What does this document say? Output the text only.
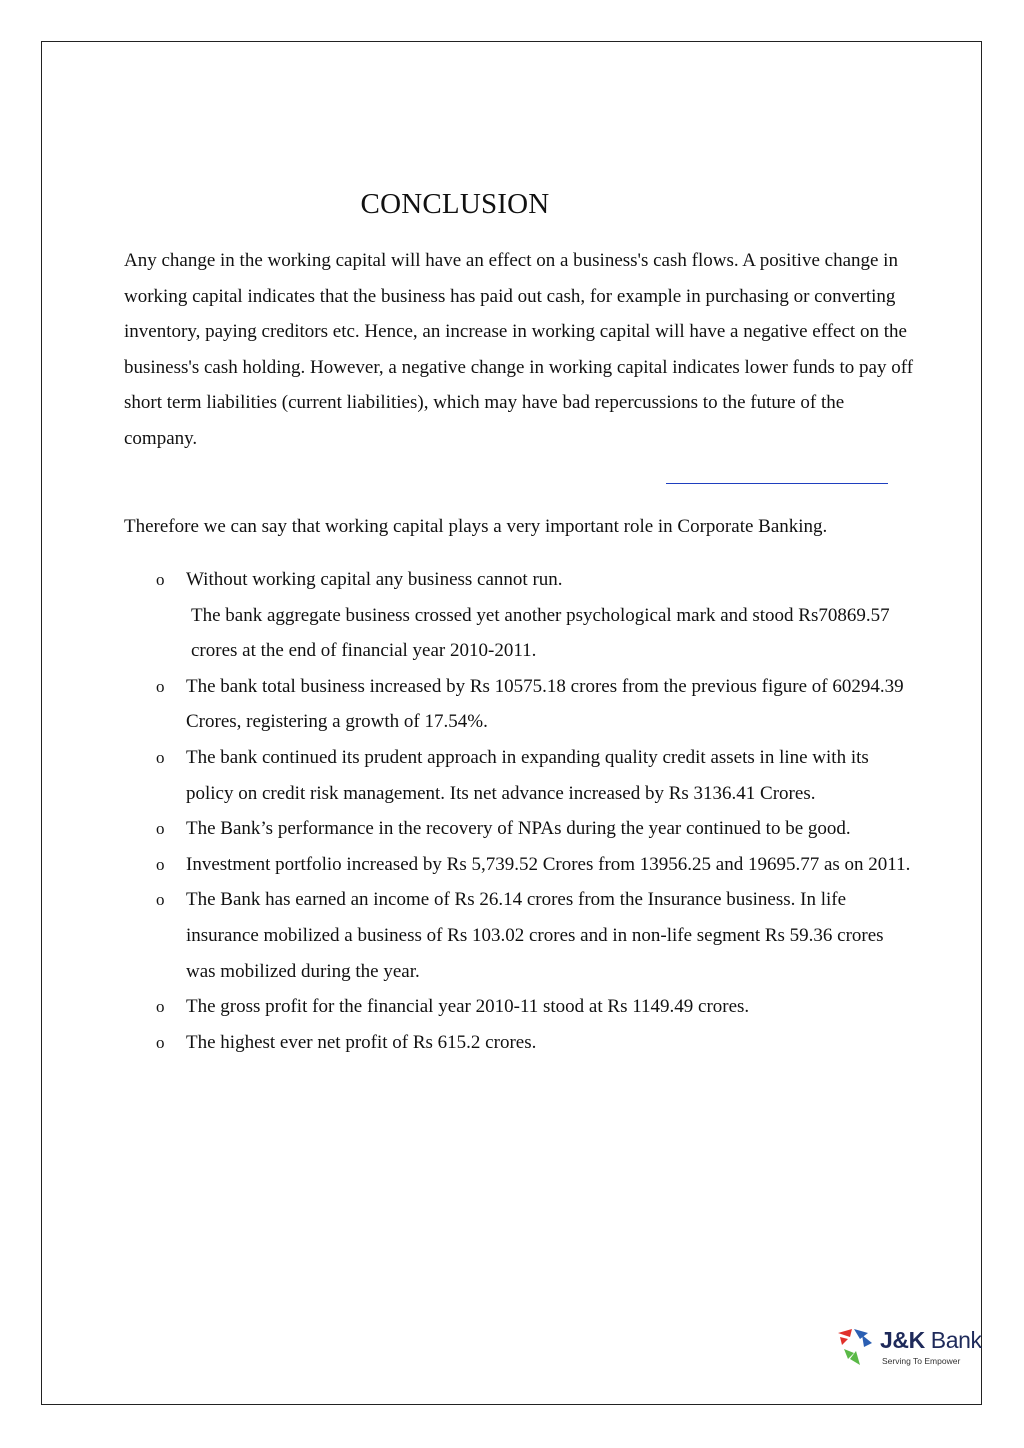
CONCLUSION

Any change in the working capital will have an effect on a business's cash flows. A positive change in working capital indicates that the business has paid out cash, for example in purchasing or converting inventory, paying creditors etc. Hence, an increase in working capital will have a negative effect on the business's cash holding. However, a negative change in working capital indicates lower funds to pay off short term liabilities (current liabilities), which may have bad repercussions to the future of the company.

Therefore we can say that working capital plays a very important role in Corporate Banking.

o Without working capital any business cannot run.
The bank aggregate business crossed yet another psychological mark and stood Rs70869.57 crores at the end of financial year 2010-2011.
o The bank total business increased by Rs 10575.18 crores from the previous figure of 60294.39 Crores, registering a growth of 17.54%.
o The bank continued its prudent approach in expanding quality credit assets in line with its policy on credit risk management. Its net advance increased by Rs 3136.41 Crores.
o The Bank’s performance in the recovery of NPAs during the year continued to be good.
o Investment portfolio increased by Rs 5,739.52 Crores from 13956.25 and 19695.77 as on 2011.
o The Bank has earned an income of Rs 26.14 crores from the Insurance business. In life insurance mobilized a business of Rs 103.02 crores and in non-life segment Rs 59.36 crores was mobilized during the year.
o The gross profit for the financial year 2010-11 stood at Rs 1149.49 crores.
o The highest ever net profit of Rs 615.2 crores.
J&K Bank
Serving To Empower
